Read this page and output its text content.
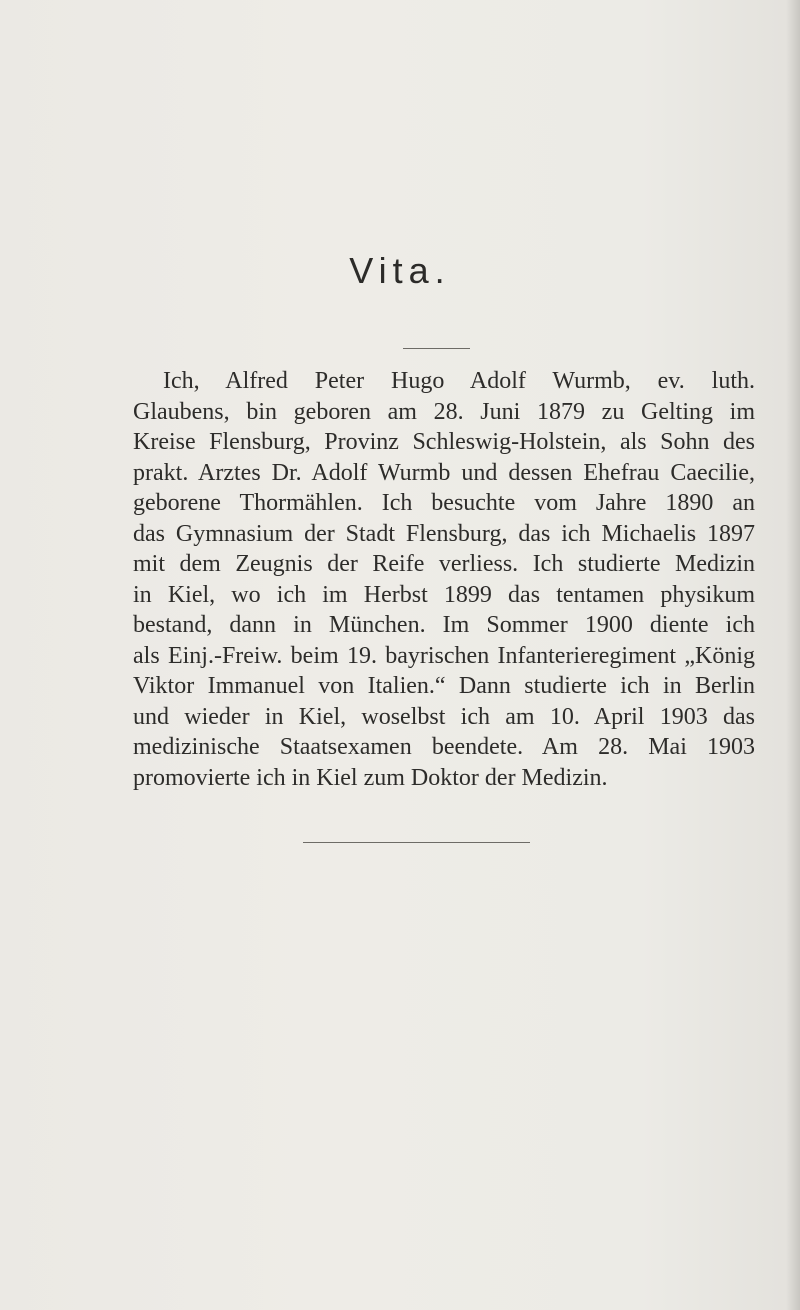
Vita.
Ich, Alfred Peter Hugo Adolf Wurmb, ev. luth.
Glaubens, bin geboren am 28. Juni 1879 zu Gelting im
Kreise Flensburg, Provinz Schleswig-Holstein, als Sohn des
prakt. Arztes Dr. Adolf Wurmb und dessen Ehefrau Caecilie,
geborene Thormählen. Ich besuchte vom Jahre 1890 an
das Gymnasium der Stadt Flensburg, das ich Michaelis 1897
mit dem Zeugnis der Reife verliess. Ich studierte Medizin
in Kiel, wo ich im Herbst 1899 das tentamen physikum
bestand, dann in München. Im Sommer 1900 diente ich
als Einj.-Freiw. beim 19. bayrischen Infanterieregiment „König
Viktor Immanuel von Italien.“ Dann studierte ich in Berlin
und wieder in Kiel, woselbst ich am 10. April 1903 das
medizinische Staatsexamen beendete. Am 28. Mai 1903
promovierte ich in Kiel zum Doktor der Medizin.
